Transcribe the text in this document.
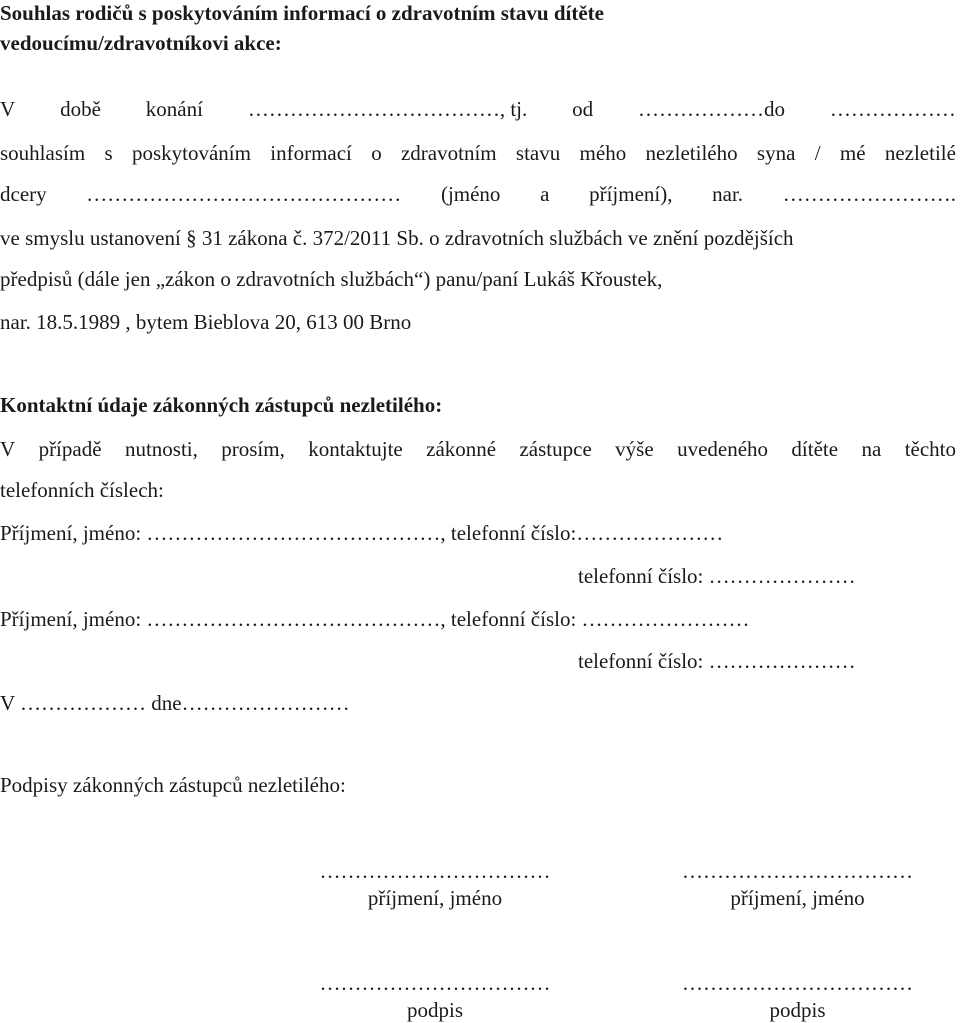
Souhlas rodičů s poskytováním informací o zdravotním stavu dítěte
vedoucímu/zdravotníkovi akce:
V době konání ………………………………, tj. od ………………do ………………
souhlasím s poskytováním informací o zdravotním stavu mého nezletilého syna / mé nezletilé
dcery ……………………………………… (jméno a příjmení), nar. …………………….
ve smyslu ustanovení § 31 zákona č. 372/2011 Sb. o zdravotních službách ve znění pozdějších
předpisů (dále jen „zákon o zdravotních službách“) panu/paní Lukáš Křoustek,
nar. 18.5.1989 , bytem Bieblova 20, 613 00 Brno
Kontaktní údaje zákonných zástupců nezletilého:
V případě nutnosti, prosím, kontaktujte zákonné zástupce výše uvedeného dítěte na těchto
telefonních číslech:
Příjmení, jméno: ……………………………………, telefonní číslo:…………………
telefonní číslo: …………………
Příjmení, jméno: ……………………………………, telefonní číslo: ……………………
telefonní číslo: …………………
V ……………… dne……………………
Podpisy zákonných zástupců nezletilého:
……………………………	……………………………
příjmení, jméno	příjmení, jméno
……………………………	……………………………
podpis	podpis
